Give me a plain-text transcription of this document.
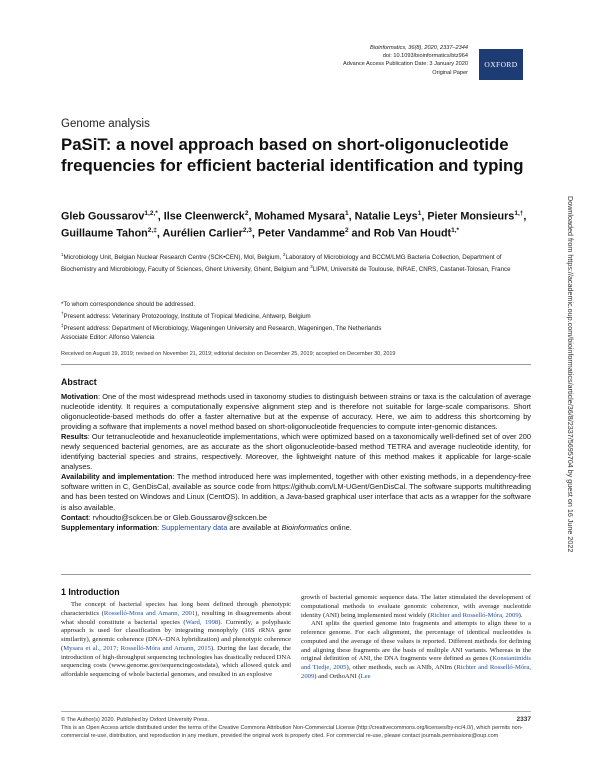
Bioinformatics, 36(8), 2020, 2337–2344
doi: 10.1093/bioinformatics/btz964
Advance Access Publication Date: 3 January 2020
Original Paper
OXFORD
Genome analysis
PaSiT: a novel approach based on short-oligonucleotide frequencies for efficient bacterial identification and typing
Gleb Goussarov$^{1,2,*}$, Ilse Cleenwerck$^2$, Mohamed Mysara$^1$, Natalie Leys$^1$, Pieter Monsieurs$^{1,\dagger}$, Guillaume Tahon$^{2,\ddagger}$, Aurélien Carlier$^{2,3}$, Peter Vandamme$^2$ and Rob Van Houdt$^{1,*}$
$^1$Microbiology Unit, Belgian Nuclear Research Centre (SCK•CEN), Mol, Belgium, $^2$Laboratory of Microbiology and BCCM/LMG Bacteria Collection, Department of Biochemistry and Microbiology, Faculty of Sciences, Ghent University, Ghent, Belgium and $^3$LIPM, Université de Toulouse, INRAE, CNRS, Castanet-Tolosan, France
*To whom correspondence should be addressed.
†Present address: Veterinary Protozoology, Institute of Tropical Medicine, Antwerp, Belgium
‡Present address: Department of Microbiology, Wageningen University and Research, Wageningen, The Netherlands
Associate Editor: Alfonso Valencia
Received on August 19, 2019; revised on November 21, 2019; editorial decision on December 25, 2019; accepted on December 30, 2019
Abstract

Motivation: One of the most widespread methods used in taxonomy studies to distinguish between strains or taxa is the calculation of average nucleotide identity. It requires a computationally expensive alignment step and is therefore not suitable for large-scale comparisons. Short oligonucleotide-based methods do offer a faster alternative but at the expense of accuracy. Here, we aim to address this shortcoming by providing a software that implements a novel method based on short-oligonucleotide frequencies to compute inter-genomic distances.

Results: Our tetranucleotide and hexanucleotide implementations, which were optimized based on a taxonomically well-defined set of over 200 newly sequenced bacterial genomes, are as accurate as the short oligonucleotide-based method TETRA and average nucleotide identity, for identifying bacterial species and strains, respectively. Moreover, the lightweight nature of this method makes it applicable for large-scale analyses.

Availability and implementation: The method introduced here was implemented, together with other existing methods, in a dependency-free software written in C, GenDisCal, available as source code from https://github.com/LM-UGent/GenDisCal. The software supports multithreading and has been tested on Windows and Linux (CentOS). In addition, a Java-based graphical user interface that acts as a wrapper for the software is also available.

Contact: rvhoudto@sckcen.be or Gleb.Goussarov@sckcen.be

Supplementary information: Supplementary data are available at Bioinformatics online.

1 Introduction

The concept of bacterial species has long been defined through phenotypic characteristics (Rosselló-Mora and Amann, 2001), resulting in disagreements about what should constitute a bacterial species (Ward, 1998). Currently, a polyphasic approach is used for classification by integrating monophyly (16S rRNA gene similarity), genomic coherence (DNA–DNA hybridization) and phenotypic coherence (Mysara et al., 2017; Rosselló-Móra and Amann, 2015). During the last decade, the introduction of high-throughput sequencing technologies has drastically reduced DNA sequencing costs (www.genome.gov/sequencingcostsdata), which allowed quick and affordable sequencing of whole bacterial genomes, and resulted in an explosive

growth of bacterial genomic sequence data. The latter stimulated the development of computational methods to evaluate genomic coherence, with average nucleotide identity (ANI) being implemented most widely (Richter and Rosselló-Móra, 2009).

ANI splits the queried genome into fragments and attempts to align these to a reference genome. For each alignment, the percentage of identical nucleotides is computed and the average of these values is reported. Different methods for defining and aligning these fragments are the basis of multiple ANI variants. Whereas in the original definition of ANI, the DNA fragments were defined as genes (Konstantinidis and Tiedje, 2005), other methods, such as ANIb, ANIm (Richter and Rosselló-Móra, 2009) and OrthoANI (Lee

© The Author(s) 2020. Published by Oxford University Press.	2337
This is an Open Access article distributed under the terms of the Creative Commons Attribution Non-Commercial License (http://creativecommons.org/licenses/by-nc/4.0/), which permits non-commercial re-use, distribution, and reproduction in any medium, provided the original work is properly cited. For commercial re-use, please contact journals.permissions@oup.com
Downloaded from https://academic.oup.com/bioinformatics/article/36/8/2337/5695704 by guest on 16 June 2022
